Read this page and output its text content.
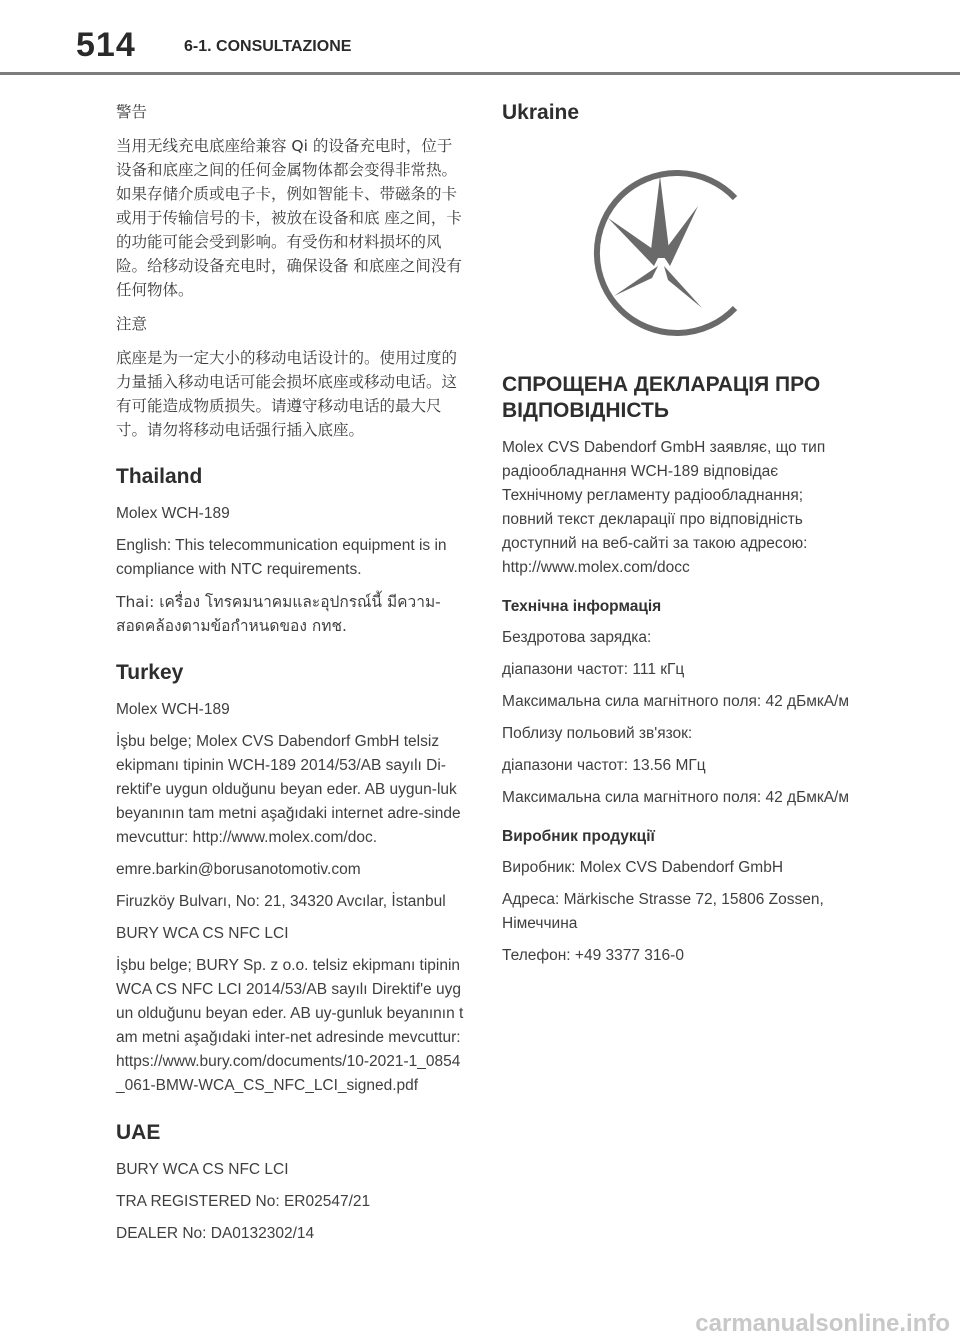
514	6-1. CONSULTAZIONE

警告

当用无线充电底座给兼容 Qi 的设备充电时，位于设备和底座之间的任何金属物体都会变得非常热。如果存储介质或电子卡，例如智能卡、带磁条的卡或用于传输信号的卡，被放在设备和底 座之间，卡的功能可能会受到影响。有受伤和材料损坏的风险。给移动设备充电时，确保设备 和底座之间没有任何物体。

注意

底座是为一定大小的移动电话设计的。使用过度的力量插入移动电话可能会损坏底座或移动电话。这有可能造成物质损失。请遵守移动电话的最大尺寸。请勿将移动电话强行插入底座。

Thailand

Molex WCH-189

English: This telecommunication equipment is in compliance with NTC requirements.

Thai: เครื่อง โทรคมนาคมและอุปกรณ์นี้ มีความ-สอดคล้องตามข้อกำหนดของ กทช.

Turkey

Molex WCH-189

İşbu belge; Molex CVS Dabendorf GmbH telsiz ekipmanı tipinin WCH-189 2014/53/AB sayılı Di-rektif'e uygun olduğunu beyan eder. AB uygun-luk beyanının tam metni aşağıdaki internet adre-sinde mevcuttur: http://www.molex.com/doc.

emre.barkin@borusanotomotiv.com

Firuzköy Bulvarı, No: 21, 34320 Avcılar, İstanbul

BURY WCA CS NFC LCI

İşbu belge; BURY Sp. z o.o. telsiz ekipmanı tipinin WCA CS NFC LCI 2014/53/AB sayılı Direktif'e uygun olduğunu beyan eder. AB uy-gunluk beyanının tam metni aşağıdaki inter-net adresinde mevcuttur: https://www.bury.com/documents/10-2021-1_0854_061-BMW-WCA_CS_NFC_LCI_signed.pdf

UAE

BURY WCA CS NFC LCI

TRA REGISTERED No: ER02547/21

DEALER No: DA0132302/14

Ukraine
СПРОЩЕНА ДЕКЛАРАЦІЯ ПРО ВІДПОВІДНІСТЬ

Molex CVS Dabendorf GmbH заявляє, що тип радіообладнання WCH-189 відповідає Технічному регламенту радіообладнання; повний текст декларації про відповідність доступний на веб-сайті за такою адресою: http://www.molex.com/docc

Технічна інформація

Бездротова зарядка:

діапазони частот: 111 кГц

Максимальна сила магнітного поля: 42 дБмкА/м

Поблизу польовий зв'язок:

діапазони частот: 13.56 МГц

Максимальна сила магнітного поля: 42 дБмкА/м

Виробник продукції

Виробник: Molex CVS Dabendorf GmbH

Адреса: Märkische Strasse 72, 15806 Zossen, Німеччина

Телефон: +49 3377 316-0

carmanualsonline.info
